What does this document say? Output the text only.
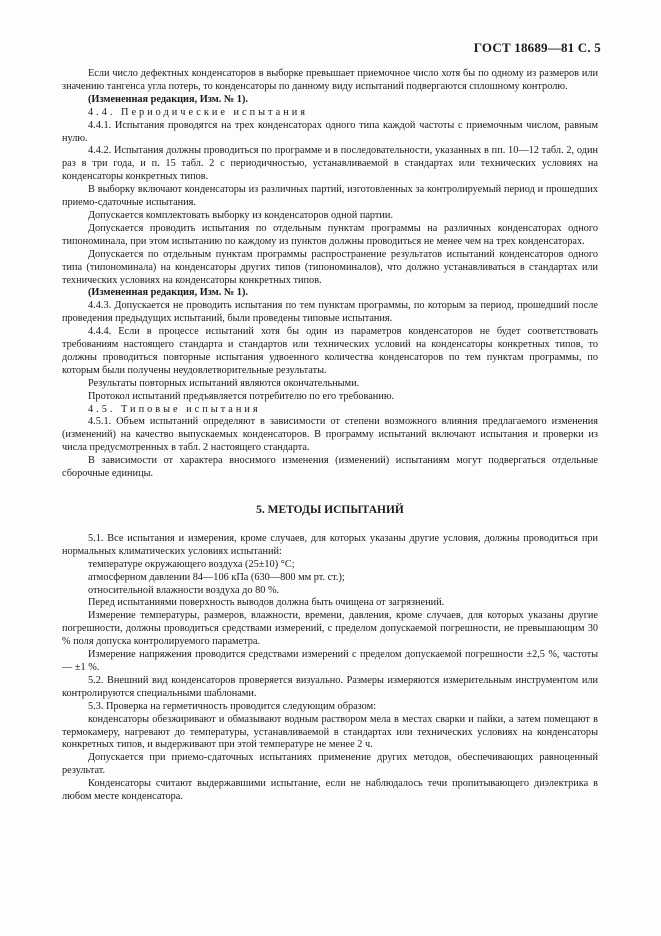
ГОСТ 18689—81 С. 5

Если число дефектных конденсаторов в выборке превышает приемочное число хотя бы по одному из размеров или значению тангенса угла потерь, то конденсаторы по данному виду испытаний подвергаются сплошному контролю.

(Измененная редакция, Изм. № 1).

4.4. Периодические испытания

4.4.1. Испытания проводятся на трех конденсаторах одного типа каждой частоты с приемочным числом, равным нулю.

4.4.2. Испытания должны проводиться по программе и в последовательности, указанных в пп. 10—12 табл. 2, один раз в три года, и п. 15 табл. 2 с периодичностью, устанавливаемой в стандартах или технических условиях на конденсаторы конкретных типов.

В выборку включают конденсаторы из различных партий, изготовленных за контролируемый период и прошедших приемо-сдаточные испытания.

Допускается комплектовать выборку из конденсаторов одной партии.

Допускается проводить испытания по отдельным пунктам программы на различных конденсаторах одного типономинала, при этом испытанию по каждому из пунктов должны проводиться не менее чем на трех конденсаторах.

Допускается по отдельным пунктам программы распространение результатов испытаний конденсаторов одного типа (типономинала) на конденсаторы других типов (типономиналов), что должно устанавливаться в стандартах или технических условиях на конденсаторы конкретных типов.

(Измененная редакция, Изм. № 1).

4.4.3. Допускается не проводить испытания по тем пунктам программы, по которым за период, прошедший после проведения предыдущих испытаний, были проведены типовые испытания.

4.4.4. Если в процессе испытаний хотя бы один из параметров конденсаторов не будет соответствовать требованиям настоящего стандарта и стандартов или технических условий на конденсаторы конкретных типов, то должны проводиться повторные испытания удвоенного количества конденсаторов по тем пунктам программы, по которым были получены неудовлетворительные результаты.

Результаты повторных испытаний являются окончательными.

Протокол испытаний предъявляется потребителю по его требованию.

4.5. Типовые испытания

4.5.1. Объем испытаний определяют в зависимости от степени возможного влияния предлагаемого изменения (изменений) на качество выпускаемых конденсаторов. В программу испытаний включают испытания и проверки из числа предусмотренных в табл. 2 настоящего стандарта.

В зависимости от характера вносимого изменения (изменений) испытаниям могут подвергаться отдельные сборочные единицы.

5. МЕТОДЫ ИСПЫТАНИЙ

5.1. Все испытания и измерения, кроме случаев, для которых указаны другие условия, должны проводиться при нормальных климатических условиях испытаний:

температуре окружающего воздуха (25±10) °С;

атмосферном давлении 84—106 кПа (630—800 мм рт. ст.);

относительной влажности воздуха до 80 %.

Перед испытаниями поверхность выводов должна быть очищена от загрязнений.

Измерение температуры, размеров, влажности, времени, давления, кроме случаев, для которых указаны другие погрешности, должны проводиться средствами измерений, с пределом допускаемой погрешности, не превышающим 30 % поля допуска контролируемого параметра.

Измерение напряжения проводится средствами измерений с пределом допускаемой погрешности ±2,5 %, частоты — ±1 %.

5.2. Внешний вид конденсаторов проверяется визуально. Размеры измеряются измерительным инструментом или контролируются специальными шаблонами.

5.3. Проверка на герметичность проводится следующим образом:

конденсаторы обезжиривают и обмазывают водным раствором мела в местах сварки и пайки, а затем помещают в термокамеру, нагревают до температуры, устанавливаемой в стандартах или технических условиях на конденсаторы конкретных типов, и выдерживают при этой температуре не менее 2 ч.

Допускается при приемо-сдаточных испытаниях применение других методов, обеспечивающих равноценный результат.

Конденсаторы считают выдержавшими испытание, если не наблюдалось течи пропитывающего диэлектрика в любом месте конденсатора.
